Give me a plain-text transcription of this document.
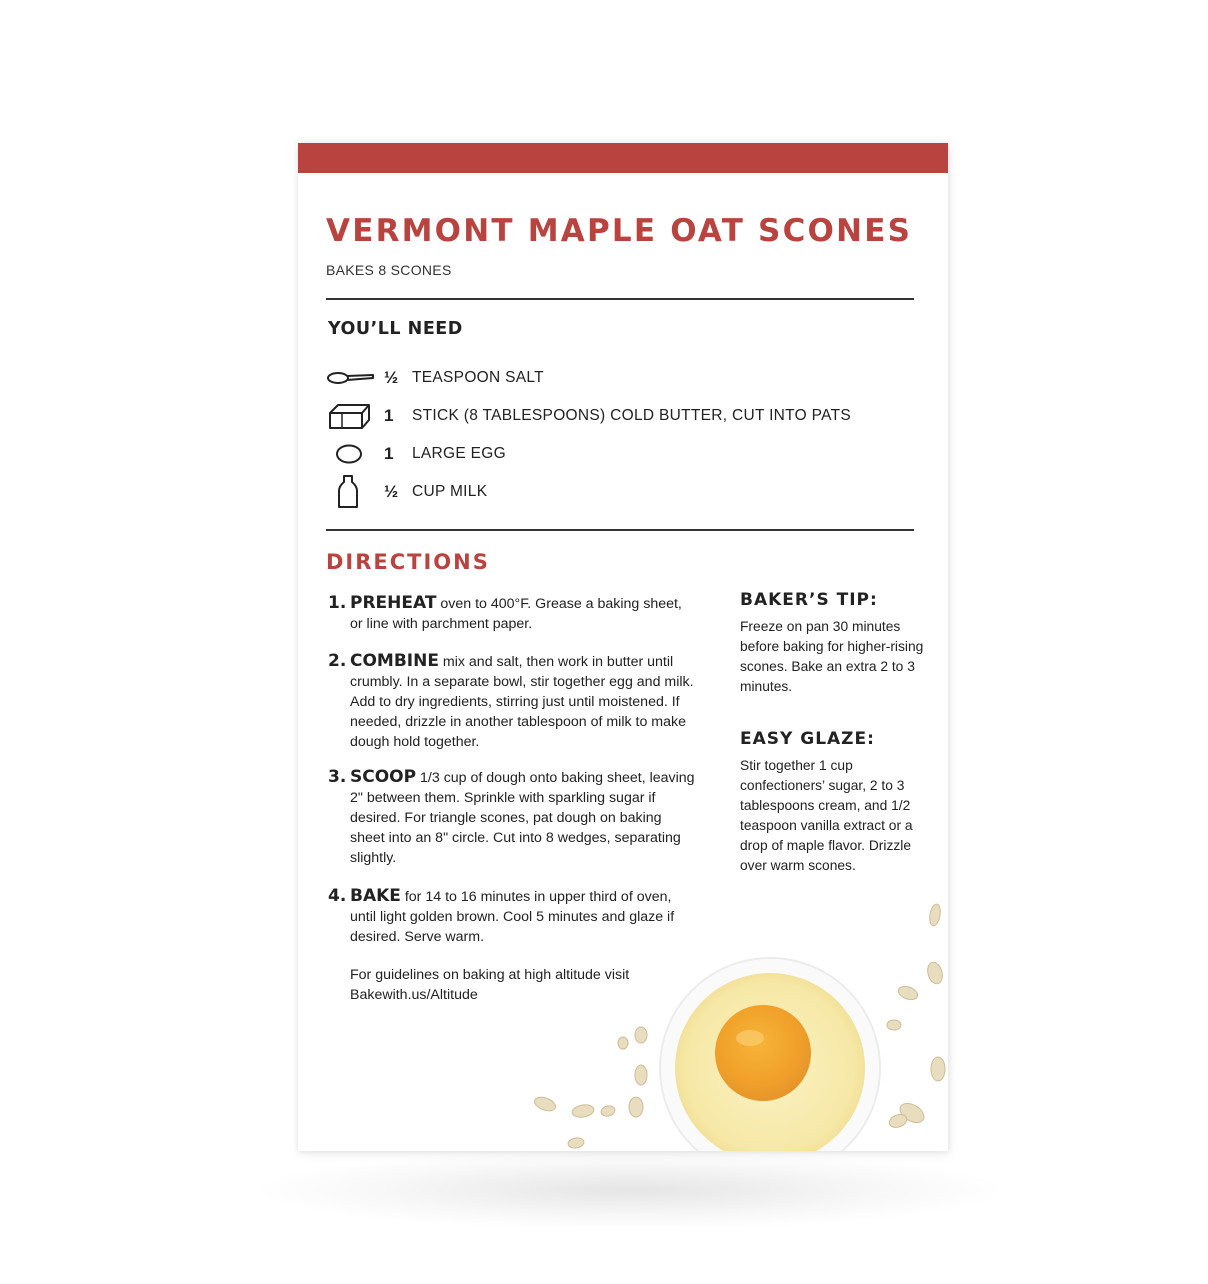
VERMONT MAPLE OAT SCONES
BAKES 8 SCONES
YOU’LL NEED
½ TEASPOON SALT
1	STICK (8 TABLESPOONS) COLD BUTTER, CUT INTO PATS
1	LARGE EGG
½ CUP MILK
DIRECTIONS
1. PREHEAT oven to 400°F. Grease a baking sheet, or line with parchment paper.
2. COMBINE mix and salt, then work in butter until crumbly. In a separate bowl, stir together egg and milk. Add to dry ingredients, stirring just until moistened. If needed, drizzle in another tablespoon of milk to make dough hold together.
3. SCOOP 1/3 cup of dough onto baking sheet, leaving 2" between them. Sprinkle with sparkling sugar if desired. For triangle scones, pat dough on baking sheet into an 8" circle. Cut into 8 wedges, separating slightly.
4. BAKE for 14 to 16 minutes in upper third of oven, until light golden brown. Cool 5 minutes and glaze if desired. Serve warm.
For guidelines on baking at high altitude visit Bakewith.us/Altitude
BAKER’S TIP:
Freeze on pan 30 minutes before baking for higher-rising scones. Bake an extra 2 to 3 minutes.
EASY GLAZE:
Stir together 1 cup confectioners’ sugar, 2 to 3 tablespoons cream, and 1/2 teaspoon vanilla extract or a drop of maple flavor. Drizzle over warm scones.
